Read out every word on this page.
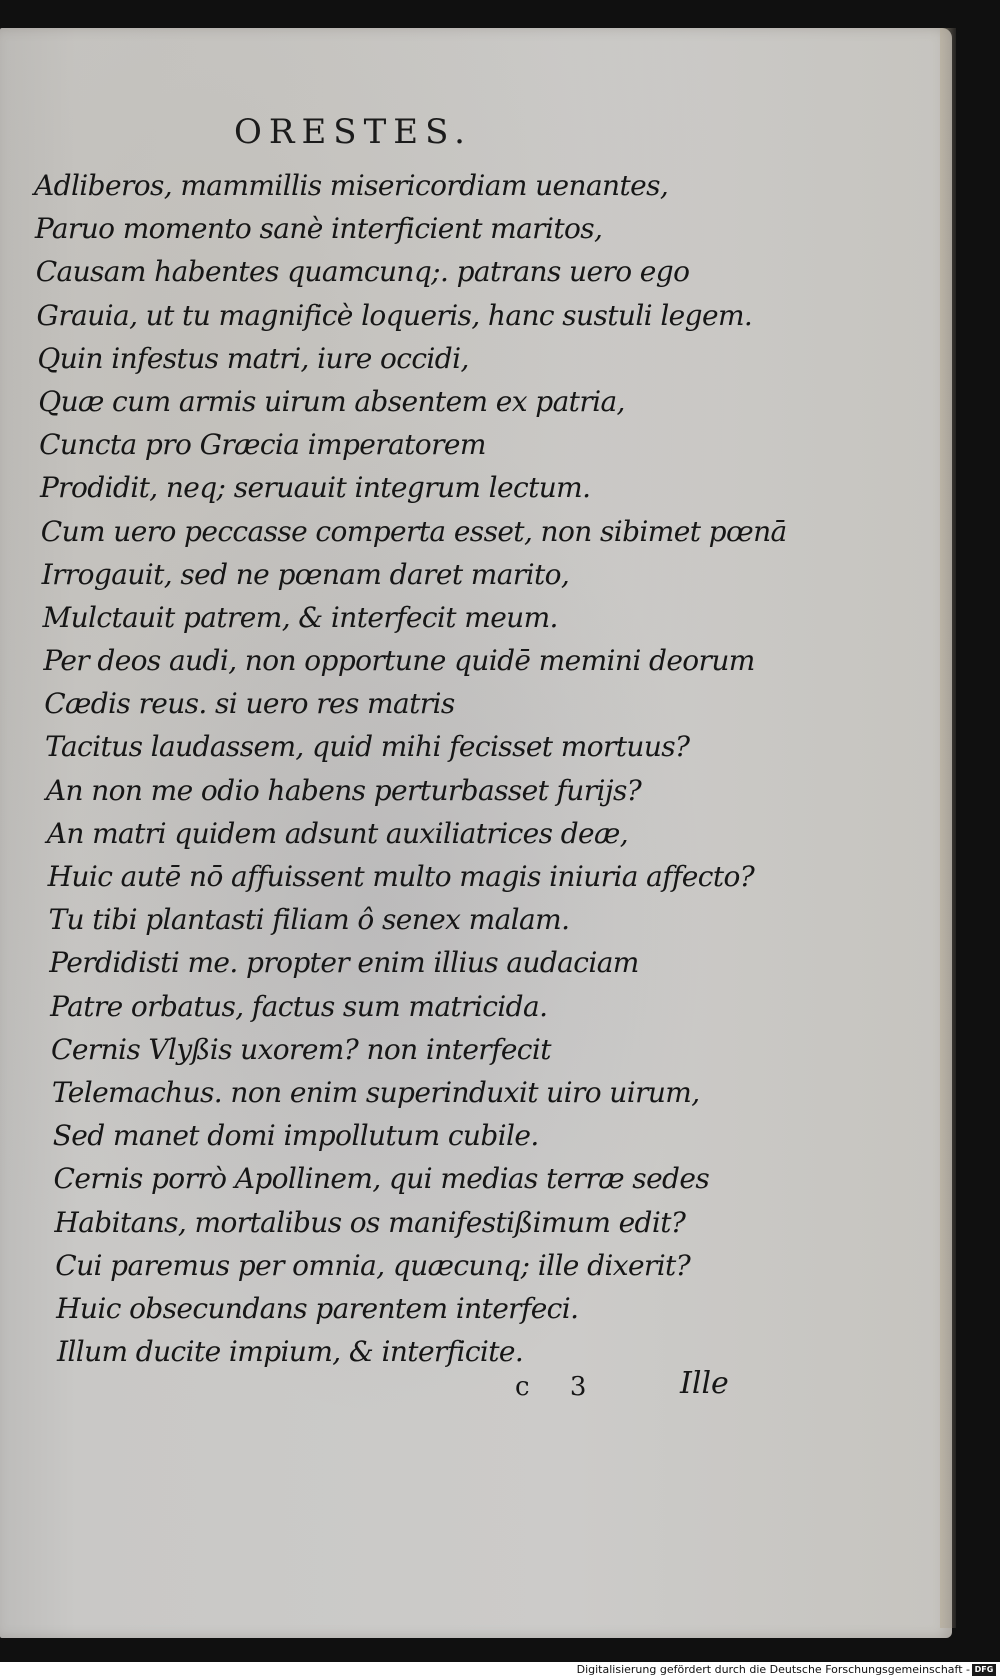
ORESTES.
Adliberos, mammillis misericordiam uenantes,
Paruo momento sanè interficient maritos,
Causam habentes quamcunq;. patrans uero ego
Grauia, ut tu magnificè loqueris, hanc sustuli legem.
Quin infestus matri, iure occidi,
Quæ cum armis uirum absentem ex patria,
Cuncta pro Græcia imperatorem
Prodidit, neq; seruauit integrum lectum.
Cum uero peccasse comperta esset, non sibimet pœnā
Irrogauit, sed ne pœnam daret marito,
Mulctauit patrem, & interfecit meum.
Per deos audi, non opportune quidē memini deorum
Cædis reus. si uero res matris
Tacitus laudassem, quid mihi fecisset mortuus?
An non me odio habens perturbasset furijs?
An matri quidem adsunt auxiliatrices deæ,
Huic autē nō affuissent multo magis iniuria affecto?
Tu tibi plantasti filiam ô senex malam.
Perdidisti me. propter enim illius audaciam
Patre orbatus, factus sum matricida.
Cernis Vlyßis uxorem? non interfecit
Telemachus. non enim superinduxit uiro uirum,
Sed manet domi impollutum cubile.
Cernis porrò Apollinem, qui medias terræ sedes
Habitans, mortalibus os manifestißimum edit?
Cui paremus per omnia, quæcunq; ille dixerit?
Huic obsecundans parentem interfeci.
Illum ducite impium, & interficite.
c 3	Ille
Digitalisierung gefördert durch die Deutsche Forschungsgemeinschaft - DFG
